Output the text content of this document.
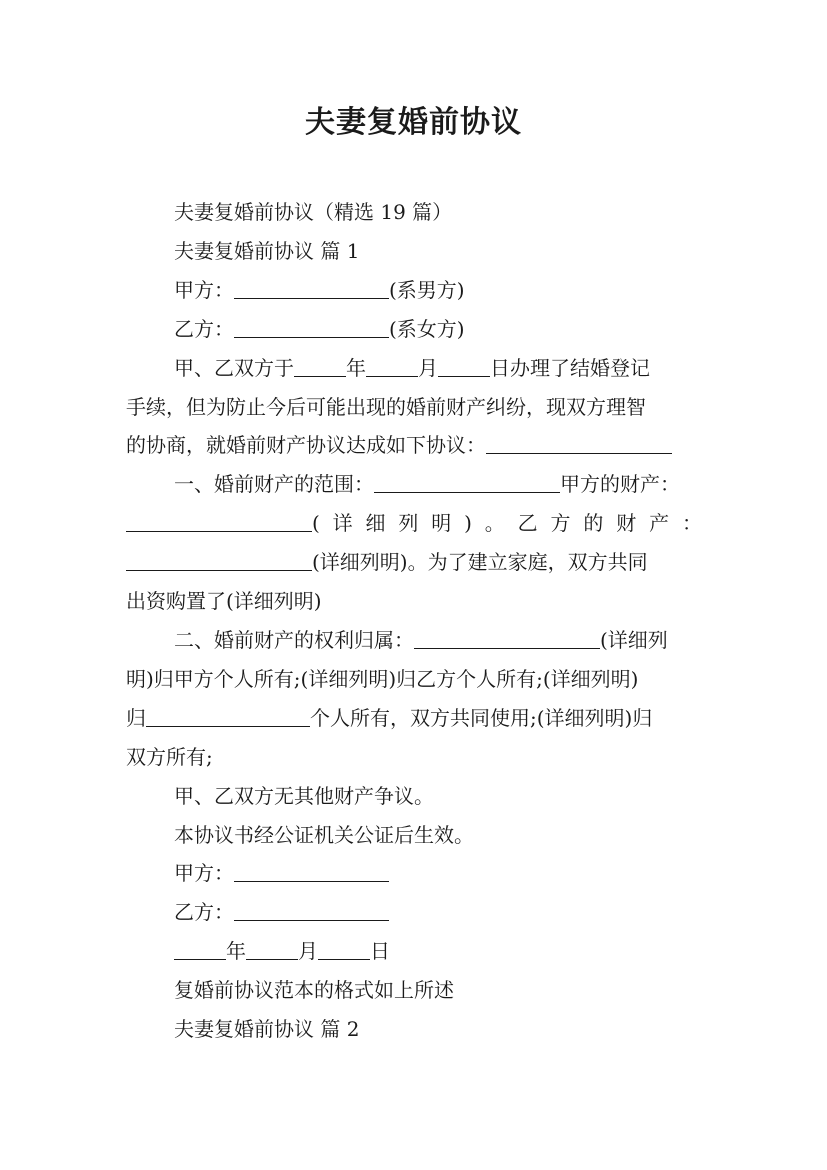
夫妻复婚前协议

夫妻复婚前协议（精选 19 篇）

夫妻复婚前协议 篇 1

甲方：	(系男方)

乙方：	(系女方)

甲、乙双方于	年	月	日办理了结婚登记

手续，但为防止今后可能出现的婚前财产纠纷，现双方理智

的协商，就婚前财产协议达成如下协议：

一、婚前财产的范围：	甲方的财产：

(详细列明)。乙方的财产：

(详细列明)。为了建立家庭，双方共同

出资购置了(详细列明)

二、婚前财产的权利归属：	(详细列

明)归甲方个人所有;(详细列明)归乙方个人所有;(详细列明)

归	个人所有，双方共同使用;(详细列明)归

双方所有;

甲、乙双方无其他财产争议。

本协议书经公证机关公证后生效。

甲方：

乙方：

年	月	日

复婚前协议范本的格式如上所述

夫妻复婚前协议 篇 2
